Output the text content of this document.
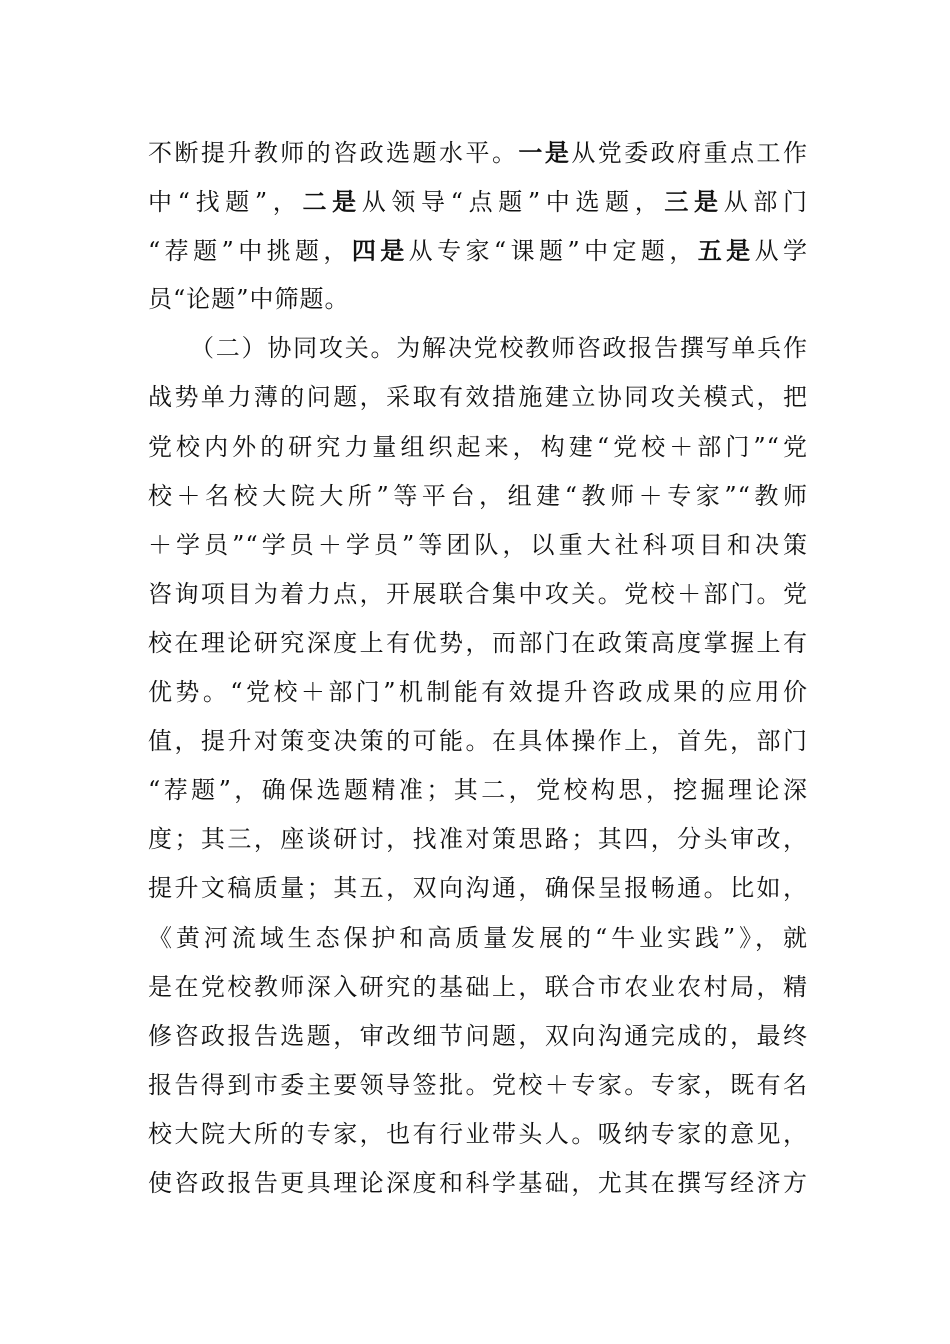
不断提升教师的咨政选题水平。一是从党委政府重点工作
中“找题”，二是从领导“点题”中选题，三是从部门
“荐题”中挑题，四是从专家“课题”中定题，五是从学
员“论题”中筛题。
（二）协同攻关。为解决党校教师咨政报告撰写单兵作
战势单力薄的问题，采取有效措施建立协同攻关模式，把
党校内外的研究力量组织起来，构建“党校＋部门”“党
校＋名校大院大所”等平台，组建“教师＋专家”“教师
＋学员”“学员＋学员”等团队，以重大社科项目和决策
咨询项目为着力点，开展联合集中攻关。党校＋部门。党
校在理论研究深度上有优势，而部门在政策高度掌握上有
优势。“党校＋部门”机制能有效提升咨政成果的应用价
值，提升对策变决策的可能。在具体操作上，首先，部门
“荐题”，确保选题精准；其二，党校构思，挖掘理论深
度；其三，座谈研讨，找准对策思路；其四，分头审改，
提升文稿质量；其五，双向沟通，确保呈报畅通。比如，
《黄河流域生态保护和高质量发展的“牛业实践”》，就
是在党校教师深入研究的基础上，联合市农业农村局，精
修咨政报告选题，审改细节问题，双向沟通完成的，最终
报告得到市委主要领导签批。党校＋专家。专家，既有名
校大院大所的专家，也有行业带头人。吸纳专家的意见，
使咨政报告更具理论深度和科学基础，尤其在撰写经济方
